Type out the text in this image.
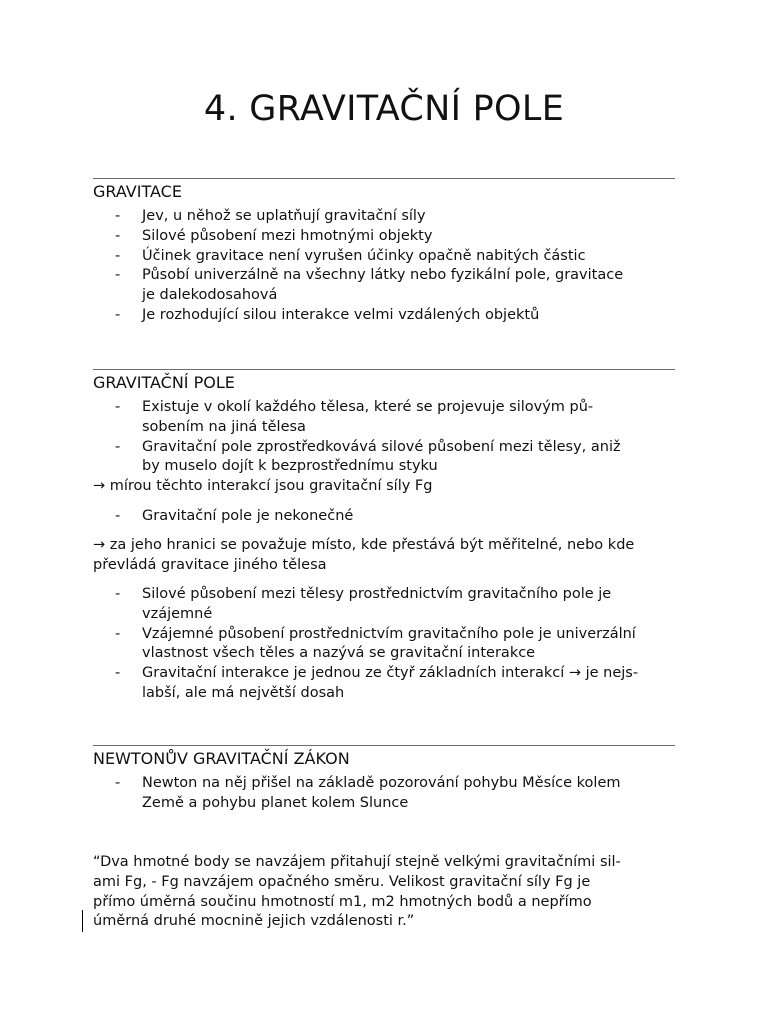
4. GRAVITAČNÍ POLE
GRAVITACE
- Jev, u něhož se uplatňují gravitační síly
- Silové působení mezi hmotnými objekty
- Účinek gravitace není vyrušen účinky opačně nabitých částic
- Působí univerzálně na všechny látky nebo fyzikální pole, gravitace
je dalekodosahová
- Je rozhodující silou interakce velmi vzdálených objektů
GRAVITAČNÍ POLE
- Existuje v okolí každého tělesa, které se projevuje silovým pů-
sobením na jiná tělesa
- Gravitační pole zprostředkovává silové působení mezi tělesy, aniž
by muselo dojít k bezprostřednímu styku

→ mírou těchto interakcí jsou gravitační síly Fg

- Gravitační pole je nekonečné

→ za jeho hranici se považuje místo, kde přestává být měřitelné, nebo kde
převládá gravitace jiného tělesa

- Silové působení mezi tělesy prostřednictvím gravitačního pole je
vzájemné
- Vzájemné působení prostřednictvím gravitačního pole je univerzální
vlastnost všech těles a nazývá se gravitační interakce
- Gravitační interakce je jednou ze čtyř základních interakcí → je nejs-
labší, ale má největší dosah
NEWTONŮV GRAVITAČNÍ ZÁKON
- Newton na něj přišel na základě pozorování pohybu Měsíce kolem
Země a pohybu planet kolem Slunce

“Dva hmotné body se navzájem přitahují stejně velkými gravitačními sil-
ami Fg, - Fg navzájem opačného směru. Velikost gravitační síly Fg je
přímo úměrná součinu hmotností m1, m2 hmotných bodů a nepřímo
úměrná druhé mocnině jejich vzdálenosti r.”
